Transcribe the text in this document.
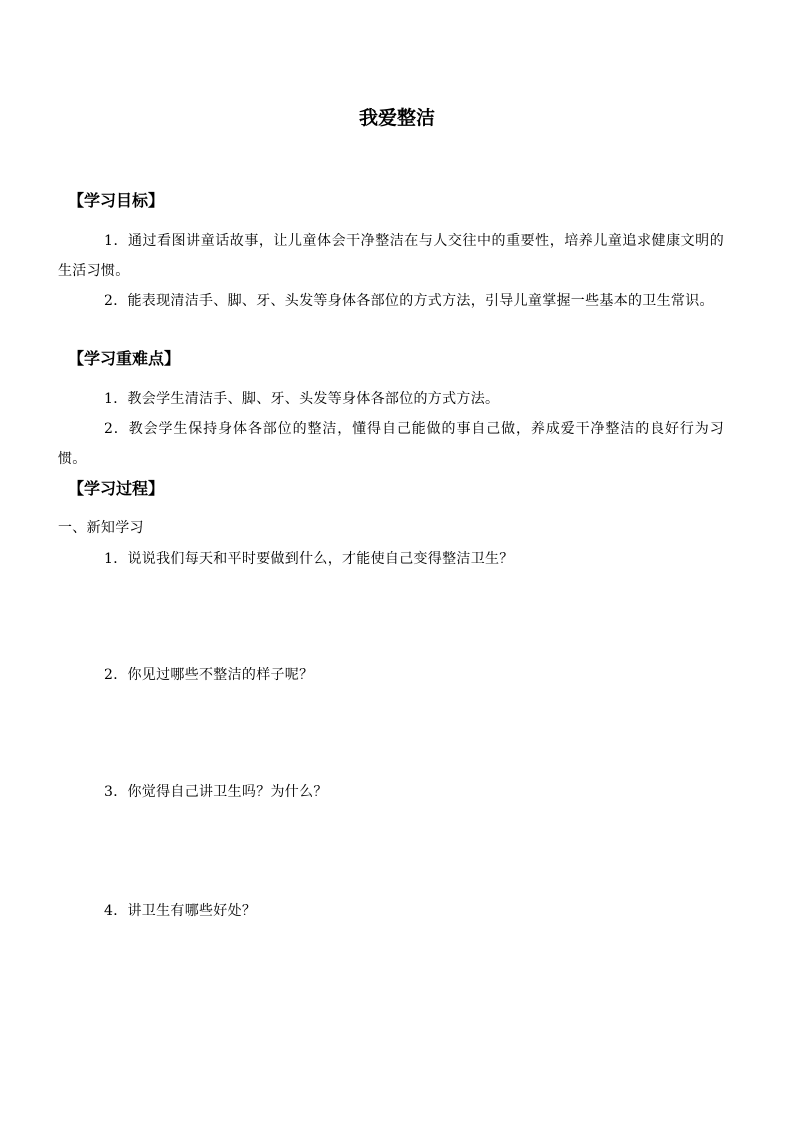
我爱整洁
【学习目标】
1．通过看图讲童话故事，让儿童体会干净整洁在与人交往中的重要性，培养儿童追求健康文明的生活习惯。
2．能表现清洁手、脚、牙、头发等身体各部位的方式方法，引导儿童掌握一些基本的卫生常识。
【学习重难点】
1．教会学生清洁手、脚、牙、头发等身体各部位的方式方法。
2．教会学生保持身体各部位的整洁，懂得自己能做的事自己做，养成爱干净整洁的良好行为习惯。
【学习过程】
一、新知学习
1．说说我们每天和平时要做到什么，才能使自己变得整洁卫生？
2．你见过哪些不整洁的样子呢？
3．你觉得自己讲卫生吗？为什么？
4．讲卫生有哪些好处？
